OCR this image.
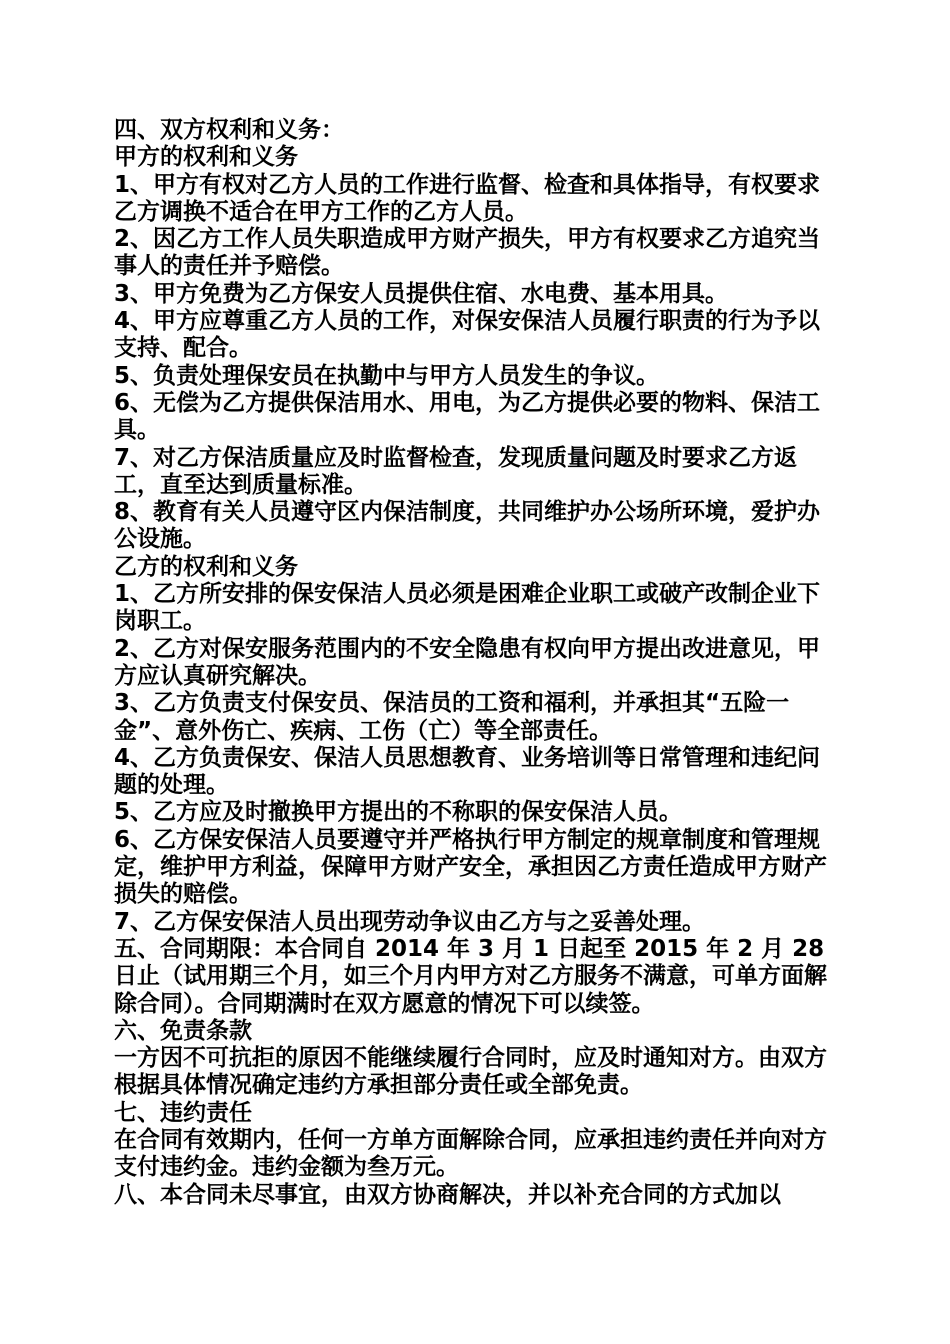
四、双方权利和义务：

甲方的权利和义务

1、甲方有权对乙方人员的工作进行监督、检查和具体指导，有权要求乙方调换不适合在甲方工作的乙方人员。

2、因乙方工作人员失职造成甲方财产损失，甲方有权要求乙方追究当事人的责任并予赔偿。

3、甲方免费为乙方保安人员提供住宿、水电费、基本用具。

4、甲方应尊重乙方人员的工作，对保安保洁人员履行职责的行为予以支持、配合。

5、负责处理保安员在执勤中与甲方人员发生的争议。

6、无偿为乙方提供保洁用水、用电，为乙方提供必要的物料、保洁工具。

7、对乙方保洁质量应及时监督检查，发现质量问题及时要求乙方返工，直至达到质量标准。

8、教育有关人员遵守区内保洁制度，共同维护办公场所环境，爱护办公设施。

乙方的权利和义务

1、乙方所安排的保安保洁人员必须是困难企业职工或破产改制企业下岗职工。

2、乙方对保安服务范围内的不安全隐患有权向甲方提出改进意见，甲方应认真研究解决。

3、乙方负责支付保安员、保洁员的工资和福利，并承担其“五险一金”、意外伤亡、疾病、工伤（亡）等全部责任。

4、乙方负责保安、保洁人员思想教育、业务培训等日常管理和违纪问题的处理。

5、乙方应及时撤换甲方提出的不称职的保安保洁人员。

6、乙方保安保洁人员要遵守并严格执行甲方制定的规章制度和管理规定，维护甲方利益，保障甲方财产安全，承担因乙方责任造成甲方财产损失的赔偿。

7、乙方保安保洁人员出现劳动争议由乙方与之妥善处理。

五、合同期限：本合同自 2014 年 3 月 1 日起至 2015 年 2 月 28 日止（试用期三个月，如三个月内甲方对乙方服务不满意，可单方面解除合同）。合同期满时在双方愿意的情况下可以续签。

六、免责条款

一方因不可抗拒的原因不能继续履行合同时，应及时通知对方。由双方根据具体情况确定违约方承担部分责任或全部免责。

七、违约责任

在合同有效期内，任何一方单方面解除合同，应承担违约责任并向对方支付违约金。违约金额为叁万元。

八、本合同未尽事宜，由双方协商解决，并以补充合同的方式加以
